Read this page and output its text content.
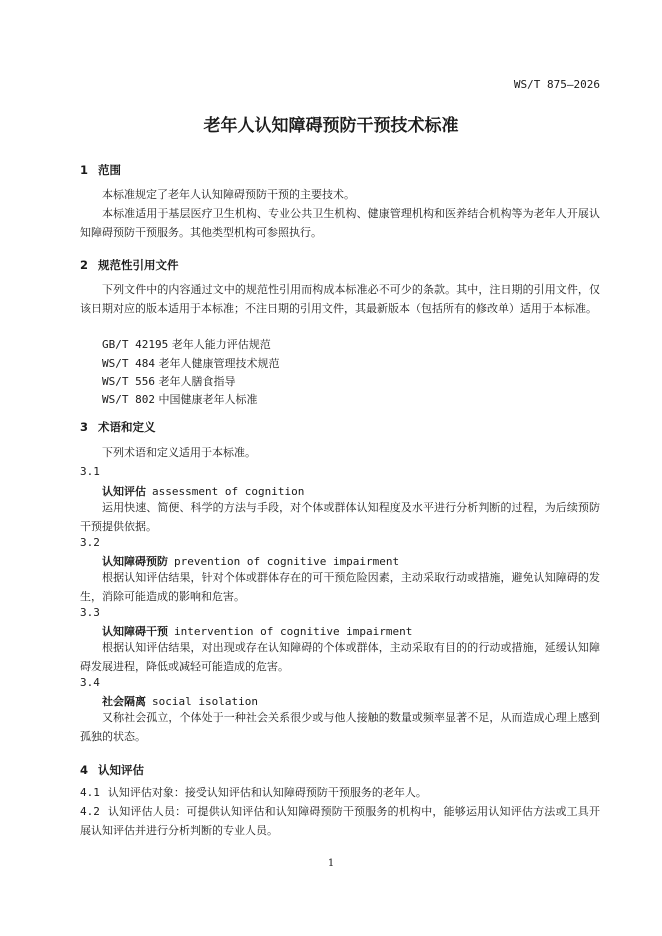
WS/T 875—2026
老年人认知障碍预防干预技术标准
1 范围
本标准规定了老年人认知障碍预防干预的主要技术。
本标准适用于基层医疗卫生机构、专业公共卫生机构、健康管理机构和医养结合机构等为老年人开展认知障碍预防干预服务。其他类型机构可参照执行。
2 规范性引用文件
下列文件中的内容通过文中的规范性引用而构成本标准必不可少的条款。其中，注日期的引用文件，仅该日期对应的版本适用于本标准；不注日期的引用文件，其最新版本（包括所有的修改单）适用于本标准。
GB/T 42195 老年人能力评估规范
WS/T 484 老年人健康管理技术规范
WS/T 556 老年人膳食指导
WS/T 802 中国健康老年人标准
3 术语和定义
下列术语和定义适用于本标准。
3.1
认知评估 assessment of cognition
运用快速、简便、科学的方法与手段，对个体或群体认知程度及水平进行分析判断的过程，为后续预防干预提供依据。
3.2
认知障碍预防 prevention of cognitive impairment
根据认知评估结果，针对个体或群体存在的可干预危险因素，主动采取行动或措施，避免认知障碍的发生，消除可能造成的影响和危害。
3.3
认知障碍干预 intervention of cognitive impairment
根据认知评估结果，对出现或存在认知障碍的个体或群体，主动采取有目的的行动或措施，延缓认知障碍发展进程，降低或减轻可能造成的危害。
3.4
社会隔离 social isolation
又称社会孤立，个体处于一种社会关系很少或与他人接触的数量或频率显著不足，从而造成心理上感到孤独的状态。
4 认知评估
4.1 认知评估对象：接受认知评估和认知障碍预防干预服务的老年人。
4.2 认知评估人员：可提供认知评估和认知障碍预防干预服务的机构中，能够运用认知评估方法或工具开展认知评估并进行分析判断的专业人员。
1
